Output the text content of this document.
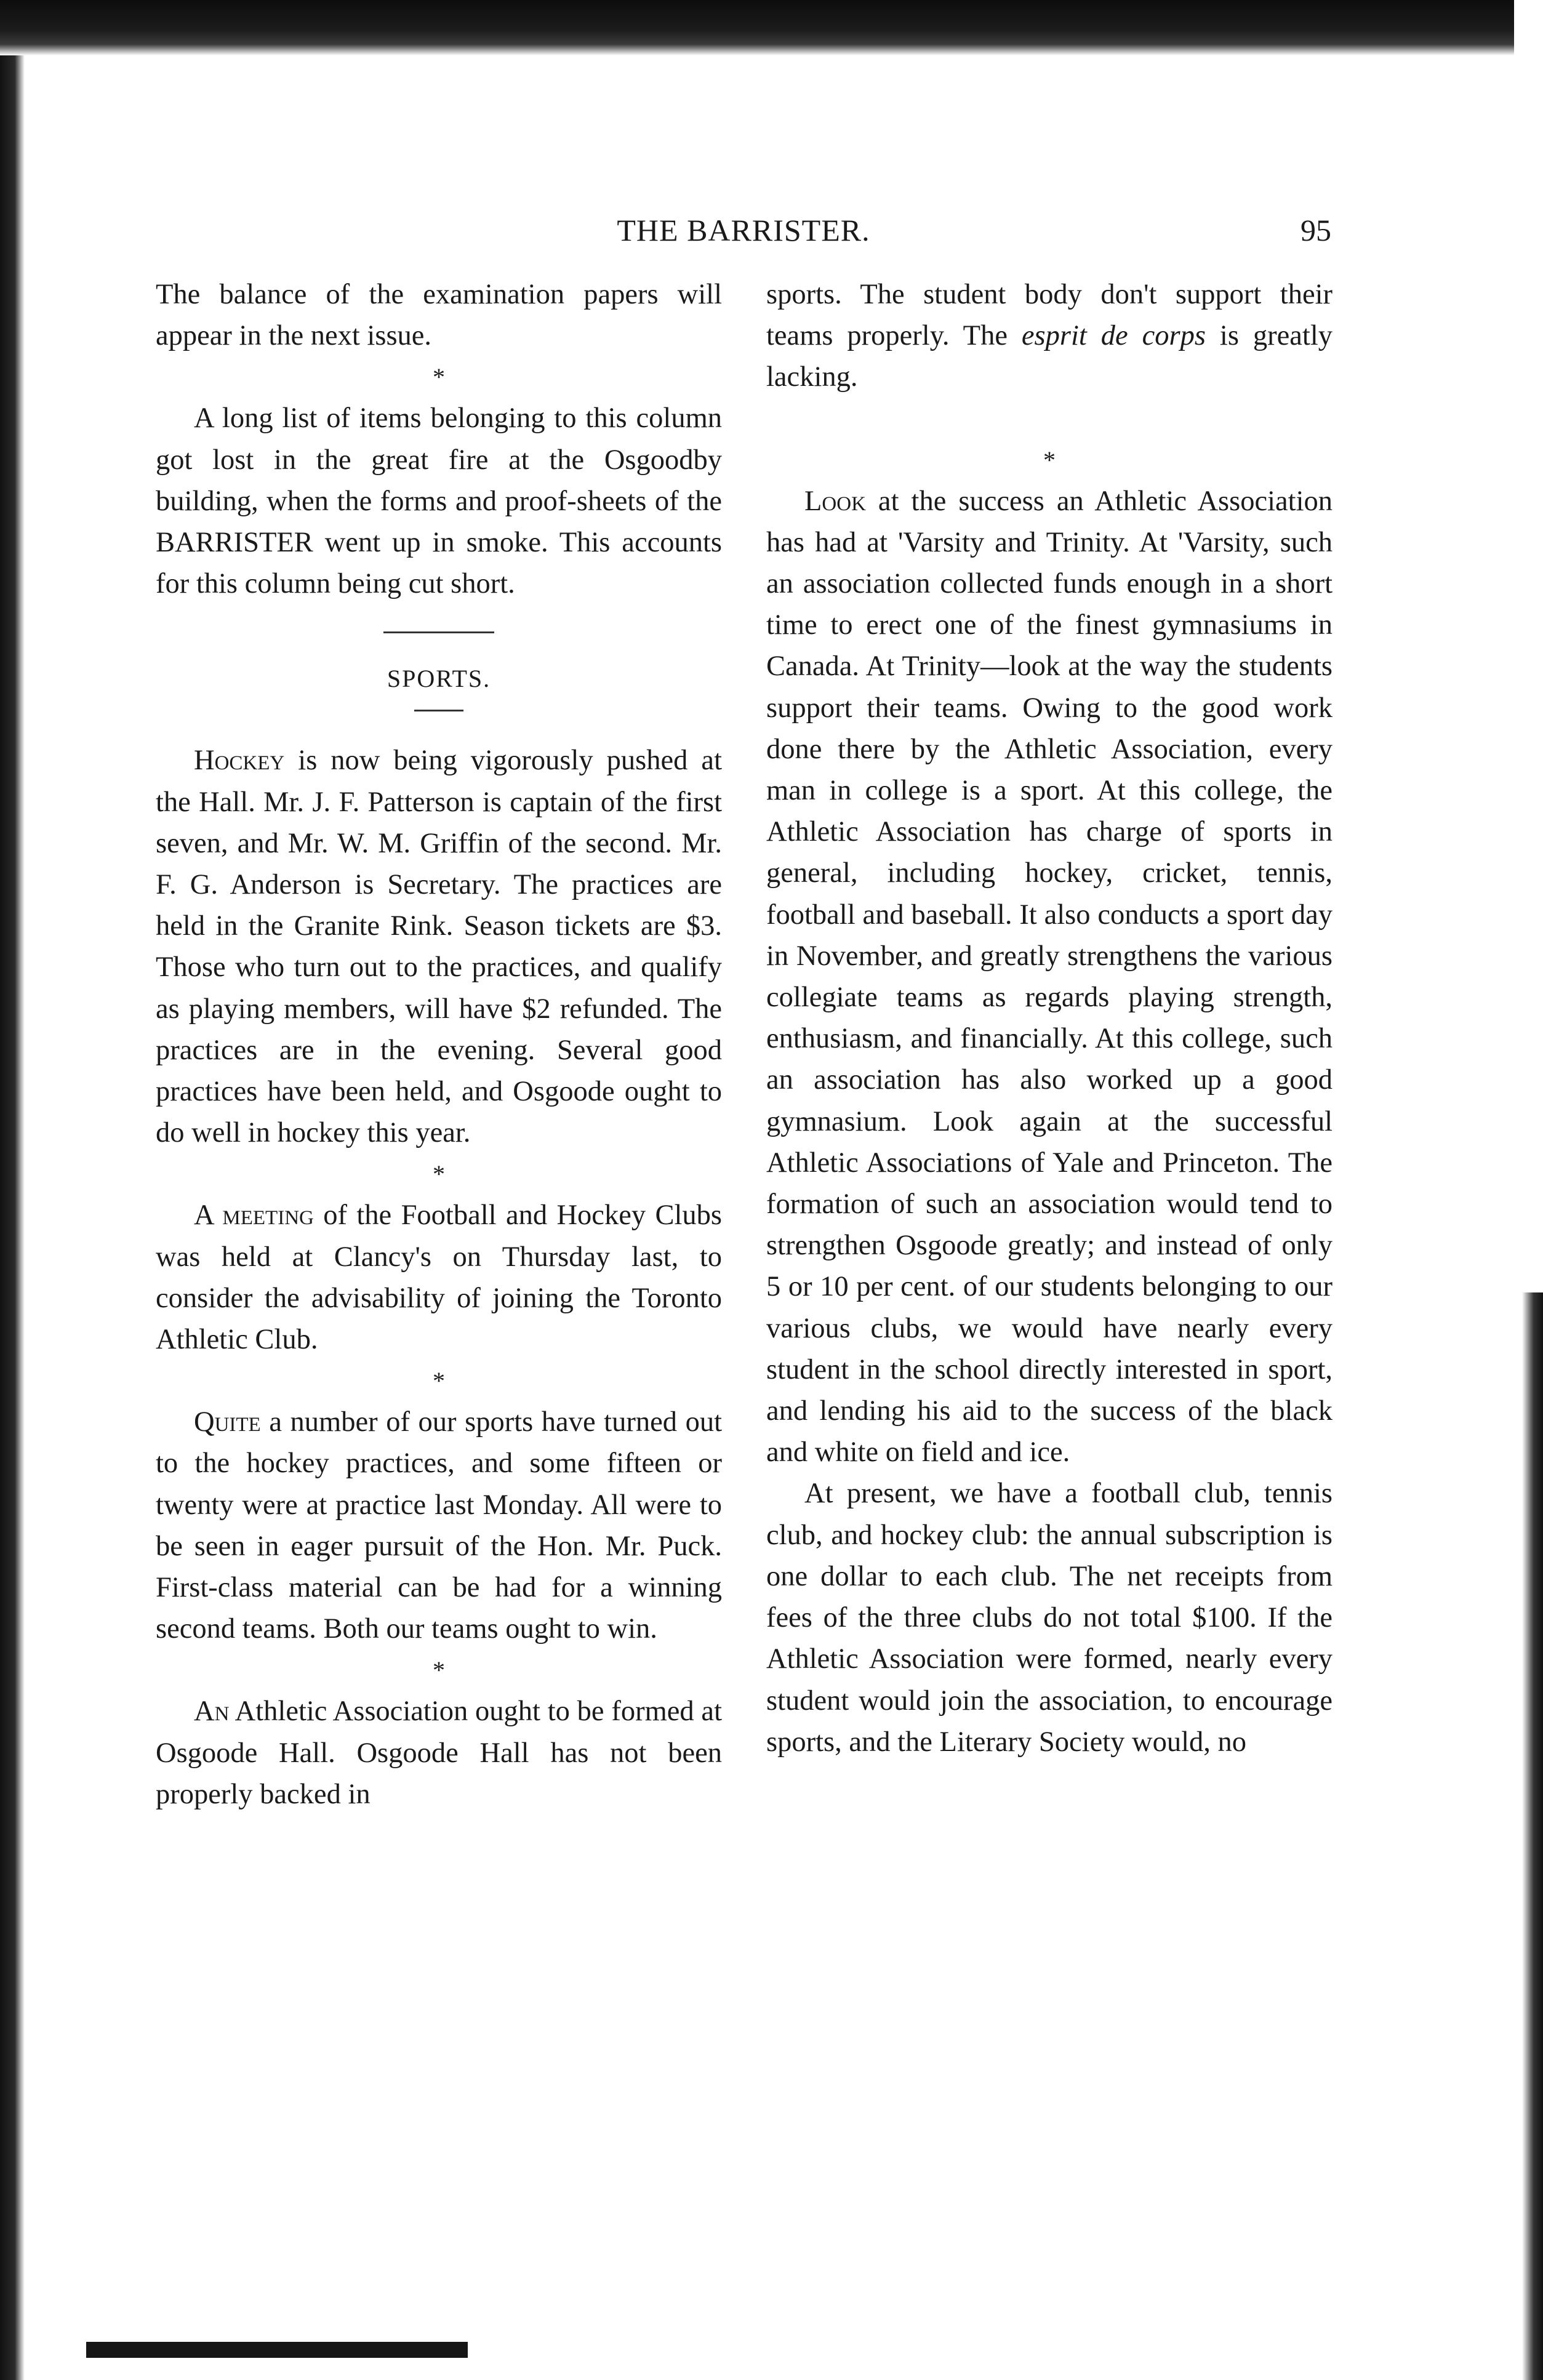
THE BARRISTER.	95

The balance of the examination papers will appear in the next issue.

*

A long list of items belonging to this column got lost in the great fire at the Osgoodby building, when the forms and proof-sheets of the BARRISTER went up in smoke. This accounts for this column being cut short.

SPORTS.

Hockey is now being vigorously pushed at the Hall. Mr. J. F. Patterson is captain of the first seven, and Mr. W. M. Griffin of the second. Mr. F. G. Anderson is Secretary. The practices are held in the Granite Rink. Season tickets are $3. Those who turn out to the practices, and qualify as playing members, will have $2 refunded. The practices are in the evening. Several good practices have been held, and Osgoode ought to do well in hockey this year.

*

A meeting of the Football and Hockey Clubs was held at Clancy's on Thursday last, to consider the advisability of joining the Toronto Athletic Club.

*

Quite a number of our sports have turned out to the hockey practices, and some fifteen or twenty were at practice last Monday. All were to be seen in eager pursuit of the Hon. Mr. Puck. First-class material can be had for a winning second teams. Both our teams ought to win.

*

An Athletic Association ought to be formed at Osgoode Hall. Osgoode Hall has not been properly backed in

sports. The student body don't support their teams properly. The esprit de corps is greatly lacking.

*

Look at the success an Athletic Association has had at 'Varsity and Trinity. At 'Varsity, such an association collected funds enough in a short time to erect one of the finest gymnasiums in Canada. At Trinity—look at the way the students support their teams. Owing to the good work done there by the Athletic Association, every man in college is a sport. At this college, the Athletic Association has charge of sports in general, including hockey, cricket, tennis, football and baseball. It also conducts a sport day in November, and greatly strengthens the various collegiate teams as regards playing strength, enthusiasm, and financially. At this college, such an association has also worked up a good gymnasium. Look again at the successful Athletic Associations of Yale and Princeton. The formation of such an association would tend to strengthen Osgoode greatly; and instead of only 5 or 10 per cent. of our students belonging to our various clubs, we would have nearly every student in the school directly interested in sport, and lending his aid to the success of the black and white on field and ice.

At present, we have a football club, tennis club, and hockey club: the annual subscription is one dollar to each club. The net receipts from fees of the three clubs do not total $100. If the Athletic Association were formed, nearly every student would join the association, to encourage sports, and the Literary Society would, no
